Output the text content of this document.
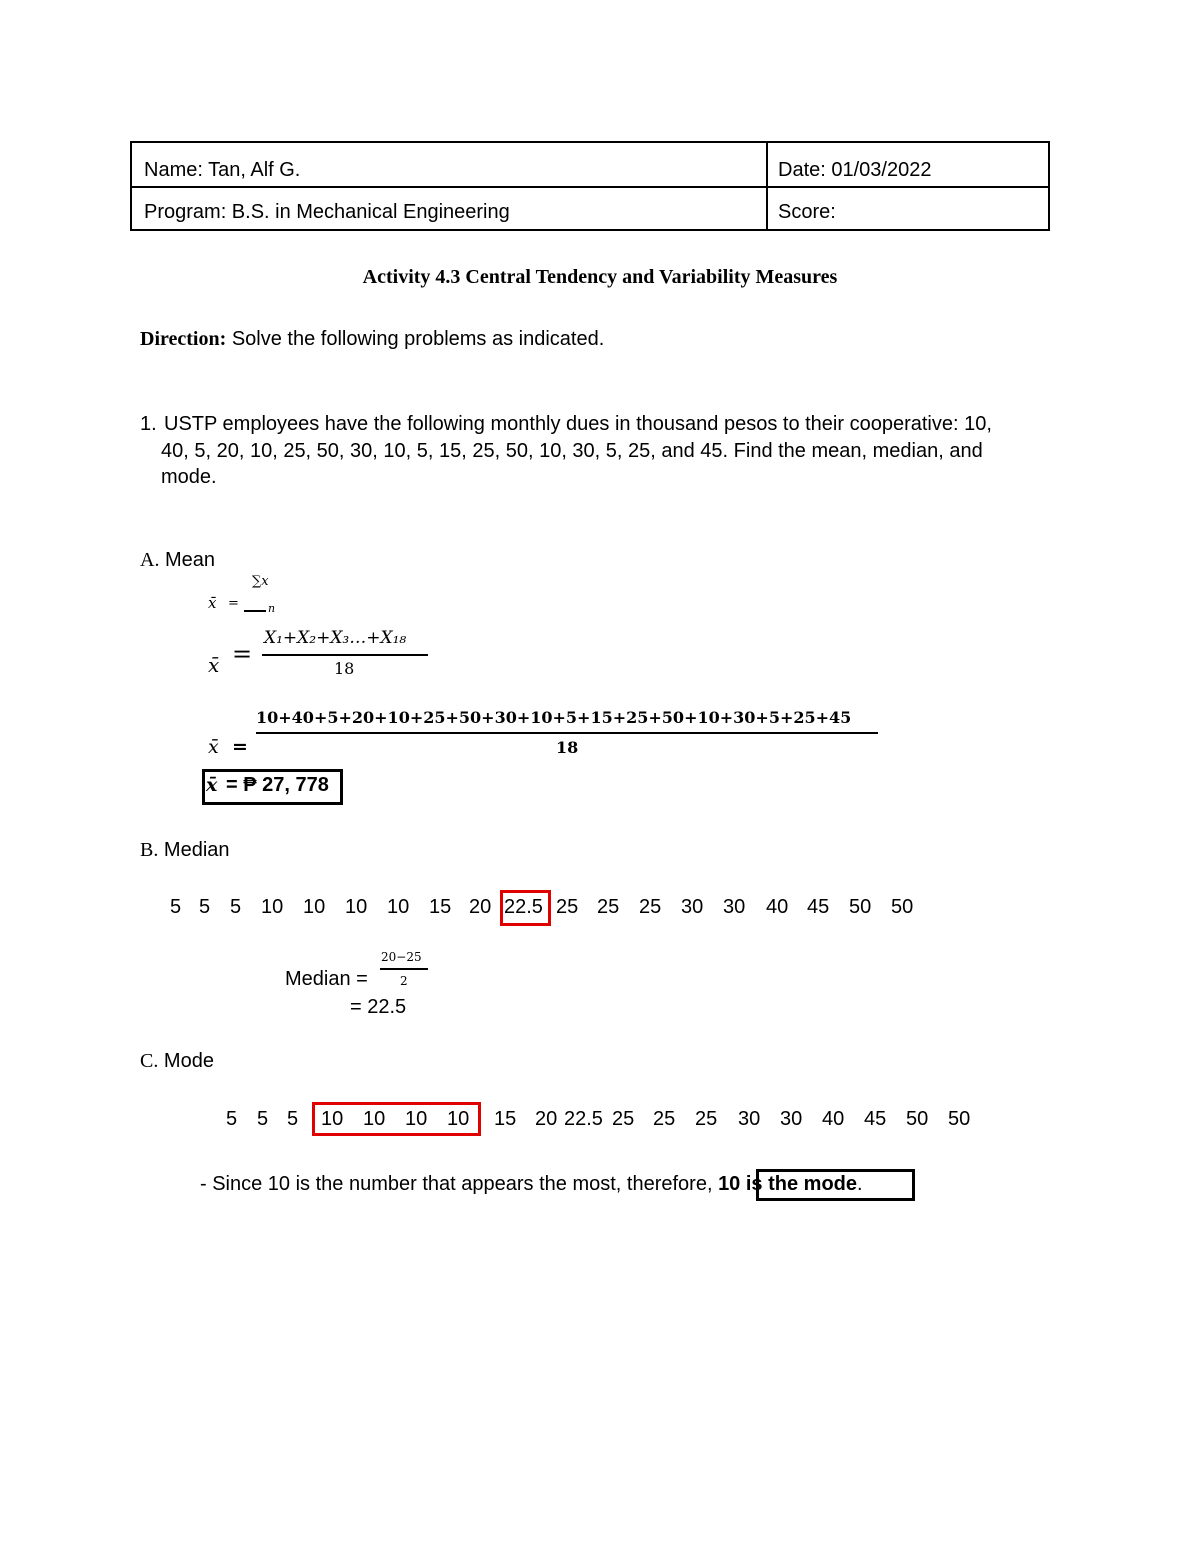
Name: Tan, Alf G.	Date: 01/03/2022
Program: B.S. in Mechanical Engineering	Score:
Activity 4.3 Central Tendency and Variability Measures
Direction: Solve the following problems as indicated.
1. USTP employees have the following monthly dues in thousand pesos to their cooperative: 10,
40, 5, 20, 10, 25, 50, 30, 10, 5, 15, 25, 50, 10, 30, 5, 25, and 45. Find the mean, median, and
mode.
A. Mean
∑x
x̄ =	n
x̄ =
X₁+X₂+X₃…+X₁₈
18
10+40+5+20+10+25+50+30+10+5+15+25+50+10+30+5+25+45
x̄ =	18
x̄ = ₱ 27, 778
B. Median
5 5 5 10 10 10 10 15 20 22.5 25 25 25 30 30 40 45 50 50
Median =
20−25
2
= 22.5
C. Mode
5 5 5 10 10 10 10 15 20 22.5 25 25 25 30 30 40 45 50 50
- Since 10 is the number that appears the most, therefore, 10 is the mode.
